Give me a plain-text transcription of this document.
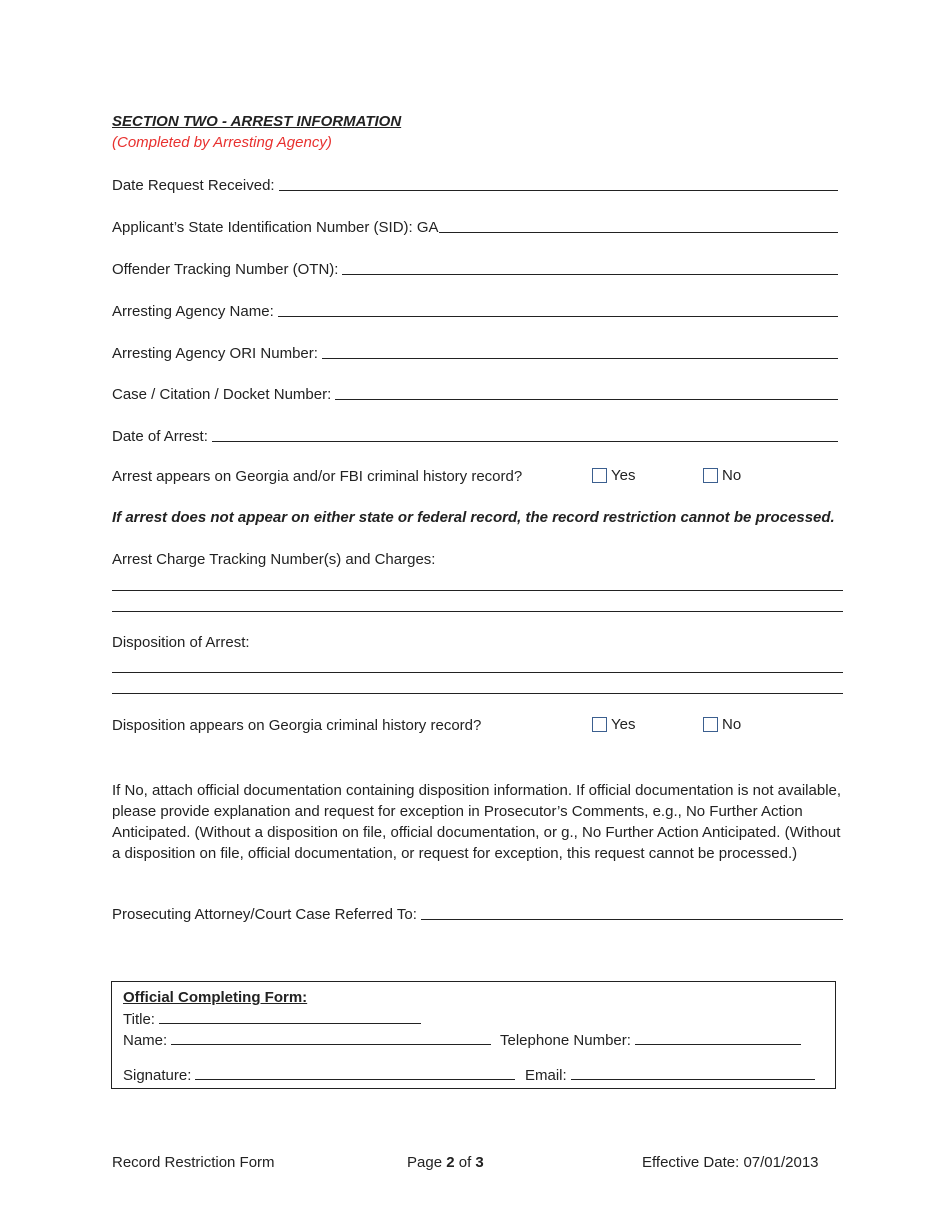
SECTION TWO - ARREST INFORMATION
(Completed by Arresting Agency)
Date Request Received:
Applicant’s State Identification Number (SID): GA
Offender Tracking Number (OTN):
Arresting Agency Name:
Arresting Agency ORI Number:
Case / Citation / Docket Number:
Date of Arrest:
Arrest appears on Georgia and/or FBI criminal history record?	Yes	No
If arrest does not appear on either state or federal record, the record restriction cannot be processed.
Arrest Charge Tracking Number(s) and Charges:
Disposition of Arrest:
Disposition appears on Georgia criminal history record?	Yes	No
If No, attach official documentation containing disposition information. If official documentation is not available, please provide explanation and request for exception in Prosecutor’s Comments, e.g., No Further Action Anticipated. (Without a disposition on file, official documentation, or g., No Further Action Anticipated. (Without a disposition on file, official documentation, or request for exception, this request cannot be processed.)
Prosecuting Attorney/Court Case Referred To:
Official Completing Form:
Title:
Name:	Telephone Number:
Signature:	Email:
Record Restriction Form	Page 2 of 3	Effective Date: 07/01/2013
